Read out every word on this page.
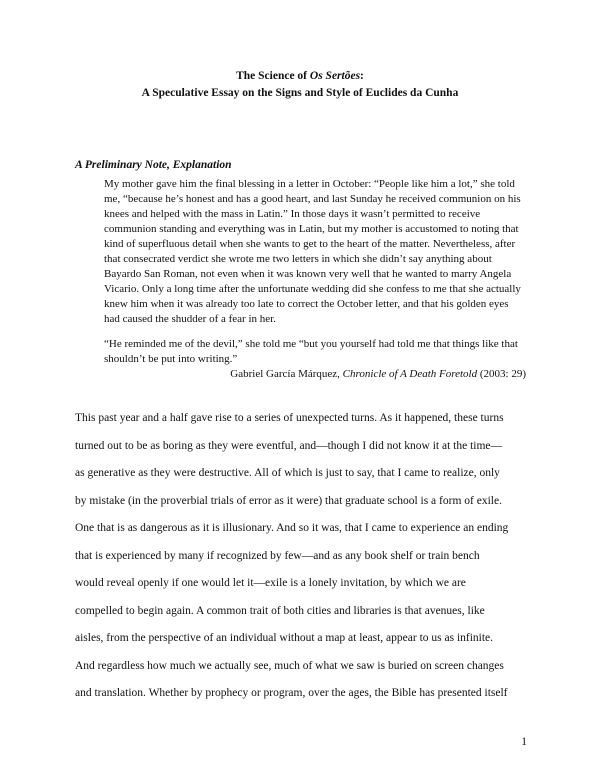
The Science of Os Sertões:
A Speculative Essay on the Signs and Style of Euclides da Cunha
A Preliminary Note, Explanation

My mother gave him the final blessing in a letter in October: “People like him a lot,” she told me, “because he’s honest and has a good heart, and last Sunday he received communion on his knees and helped with the mass in Latin.” In those days it wasn’t permitted to receive communion standing and everything was in Latin, but my mother is accustomed to noting that kind of superfluous detail when she wants to get to the heart of the matter. Nevertheless, after that consecrated verdict she wrote me two letters in which she didn’t say anything about Bayardo San Roman, not even when it was known very well that he wanted to marry Angela Vicario. Only a long time after the unfortunate wedding did she confess to me that she actually knew him when it was already too late to correct the October letter, and that his golden eyes had caused the shudder of a fear in her.

“He reminded me of the devil,” she told me “but you yourself had told me that things like that shouldn’t be put into writing.”

Gabriel García Márquez, Chronicle of A Death Foretold (2003: 29)

This past year and a half gave rise to a series of unexpected turns. As it happened, these turns
turned out to be as boring as they were eventful, and—though I did not know it at the time—
as generative as they were destructive. All of which is just to say, that I came to realize, only
by mistake (in the proverbial trials of error as it were) that graduate school is a form of exile.
One that is as dangerous as it is illusionary. And so it was, that I came to experience an ending
that is experienced by many if recognized by few—and as any book shelf or train bench
would reveal openly if one would let it—exile is a lonely invitation, by which we are
compelled to begin again. A common trait of both cities and libraries is that avenues, like
aisles, from the perspective of an individual without a map at least, appear to us as infinite.
And regardless how much we actually see, much of what we saw is buried on screen changes
and translation. Whether by prophecy or program, over the ages, the Bible has presented itself
1
